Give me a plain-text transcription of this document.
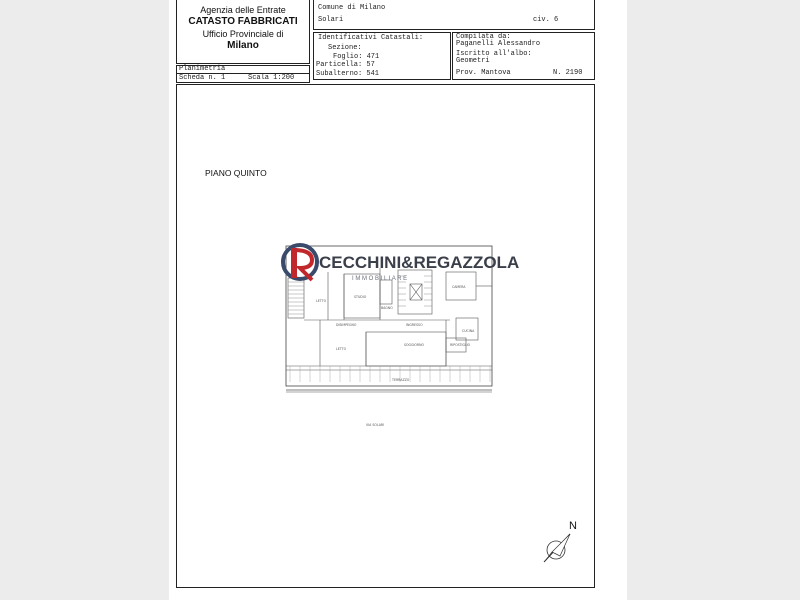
Agenzia delle Entrate
CATASTO FABBRICATI
Ufficio Provinciale di
Milano
Planimetria
Scheda n. 1	Scala 1:200
Comune di Milano
Solari	civ. 6
Identificativi Catastali:
Sezione:
Foglio: 471
Particella: 57
Subalterno: 541
Compilata da:
Paganelli Alessandro
Iscritto all'albo:
Geometri
Prov. Mantova	N. 2190
PIANO QUINTO
LETTO
STUDIO
BAGNO
CAMERA
DISIMPEGNO	INGRESSO
SOGGIORNO
LETTO
CUCINA
TERRAZZO
RIPOSTIGLIO
VIA SOLARI
CECCHINI&REGAZZOLA
I M M O B I L I A R E
N
